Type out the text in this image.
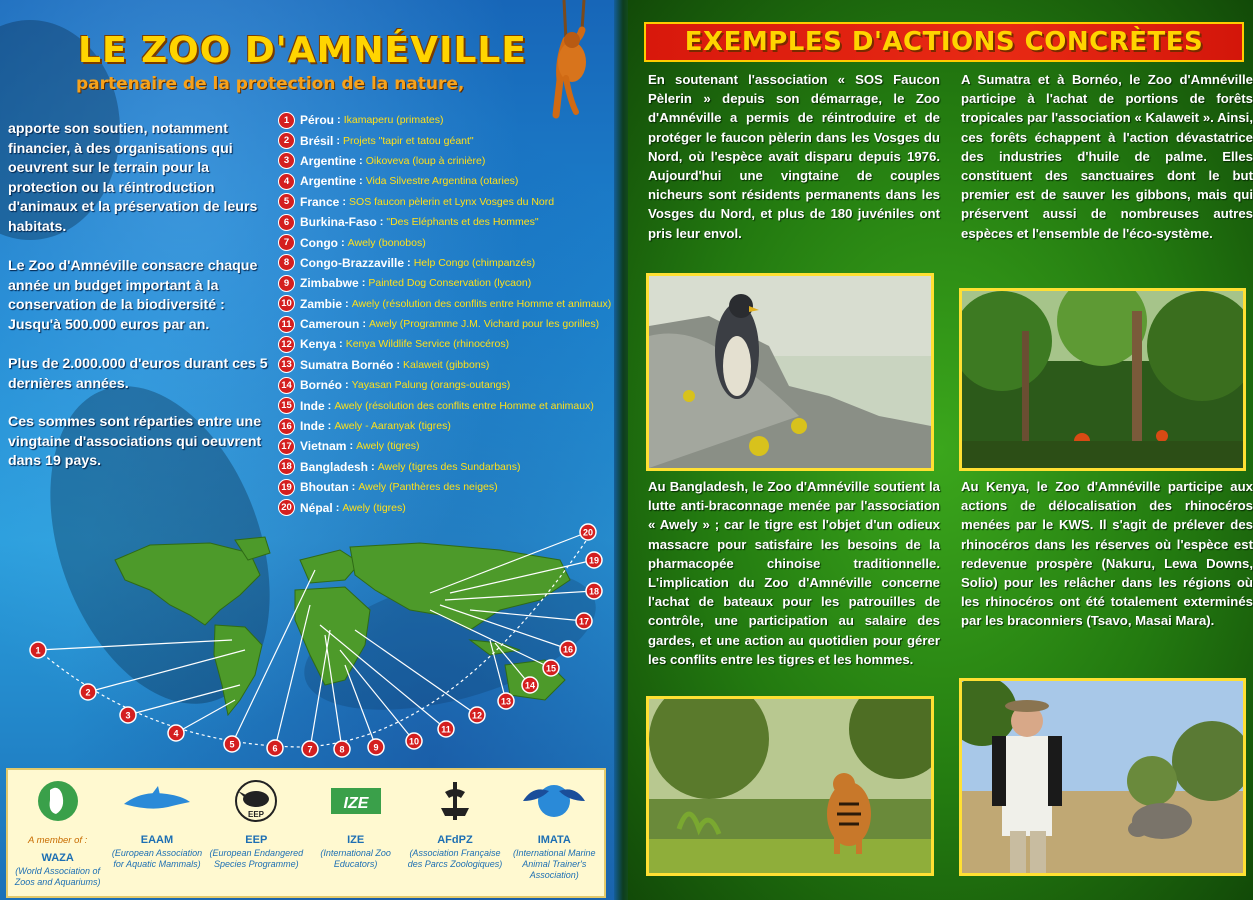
LE ZOO D'AMNÉVILLE
partenaire de la protection de la nature,
apporte son soutien, notamment financier, à des organisations qui oeuvrent sur le terrain pour la protection ou la réintroduction d'animaux et la préservation de leurs habitats.
Le Zoo d'Amnéville consacre chaque année un budget important à la conservation de la biodiversité : Jusqu'à 500.000 euros par an.
Plus de 2.000.000 d'euros durant ces 5 dernières années.
Ces sommes sont réparties entre une vingtaine d'associations qui oeuvrent dans 19 pays.
1 Pérou : Ikamaperu (primates)
2 Brésil : Projets "tapir et tatou géant"
3 Argentine : Oikoveva (loup à crinière)
4 Argentine : Vida Silvestre Argentina (otaries)
5 France : SOS faucon pèlerin et Lynx Vosges du Nord
6 Burkina-Faso : "Des Eléphants et des Hommes"
7 Congo : Awely (bonobos)
8 Congo-Brazzaville : Help Congo (chimpanzés)
9 Zimbabwe : Painted Dog Conservation (lycaon)
10 Zambie : Awely (résolution des conflits entre Homme et animaux)
11 Cameroun : Awely (Programme J.M. Vichard pour les gorilles)
12 Kenya : Kenya Wildlife Service (rhinocéros)
13 Sumatra Bornéo : Kalaweit (gibbons)
14 Bornéo : Yayasan Palung (orangs-outangs)
15 Inde : Awely (résolution des conflits entre Homme et animaux)
16 Inde : Awely - Aaranyak (tigres)
17 Vietnam : Awely (tigres)
18 Bangladesh : Awely (tigres des Sundarbans)
19 Bhoutan : Awely (Panthères des neiges)
20 Népal : Awely (tigres)
1
2
3
4
5	6	7	8	9
10
11
12
13
14
15
16
17
18
19
20
A member of : WAZA
(World Association of Zoos and Aquariums)
EAAM
(European Association for Aquatic Mammals)
EEP
EEP
(European Endangered Species Programme)
IZE
IZE
(International Zoo Educators)
AFdPZ
(Association Française des Parcs Zoologiques)
IMATA
(International Marine Animal Trainer's Association)
EXEMPLES D'ACTIONS CONCRÈTES
En soutenant l'association « SOS Faucon Pèlerin » depuis son démarrage, le Zoo d'Amnéville a permis de réintroduire et de protéger le faucon pèlerin dans les Vosges du Nord, où l'espèce avait disparu depuis 1976. Aujourd'hui une vingtaine de couples nicheurs sont résidents permanents dans les Vosges du Nord, et plus de 180 juvéniles ont pris leur envol.
A Sumatra et à Bornéo, le Zoo d'Amnéville participe à l'achat de portions de forêts tropicales par l'association « Kalaweit ». Ainsi, ces forêts échappent à l'action dévastatrice des industries d'huile de palme. Elles constituent des sanctuaires dont le but premier est de sauver les gibbons, mais qui préservent aussi de nombreuses autres espèces et l'ensemble de l'éco-système.
Au Bangladesh, le Zoo d'Amnéville soutient la lutte anti-braconnage menée par l'association « Awely » ; car le tigre est l'objet d'un odieux massacre pour satisfaire les besoins de la pharmacopée chinoise traditionnelle. L'implication du Zoo d'Amnéville concerne l'achat de bateaux pour les patrouilles de contrôle, une participation au salaire des gardes, et une action au quotidien pour gérer les conflits entre les tigres et les hommes.
Au Kenya, le Zoo d'Amnéville participe aux actions de délocalisation des rhinocéros menées par le KWS. Il s'agit de prélever des rhinocéros dans les réserves où l'espèce est redevenue prospère (Nakuru, Lewa Downs, Solio) pour les relâcher dans les régions où les rhinocéros ont été totalement exterminés par les braconniers (Tsavo, Masai Mara).
